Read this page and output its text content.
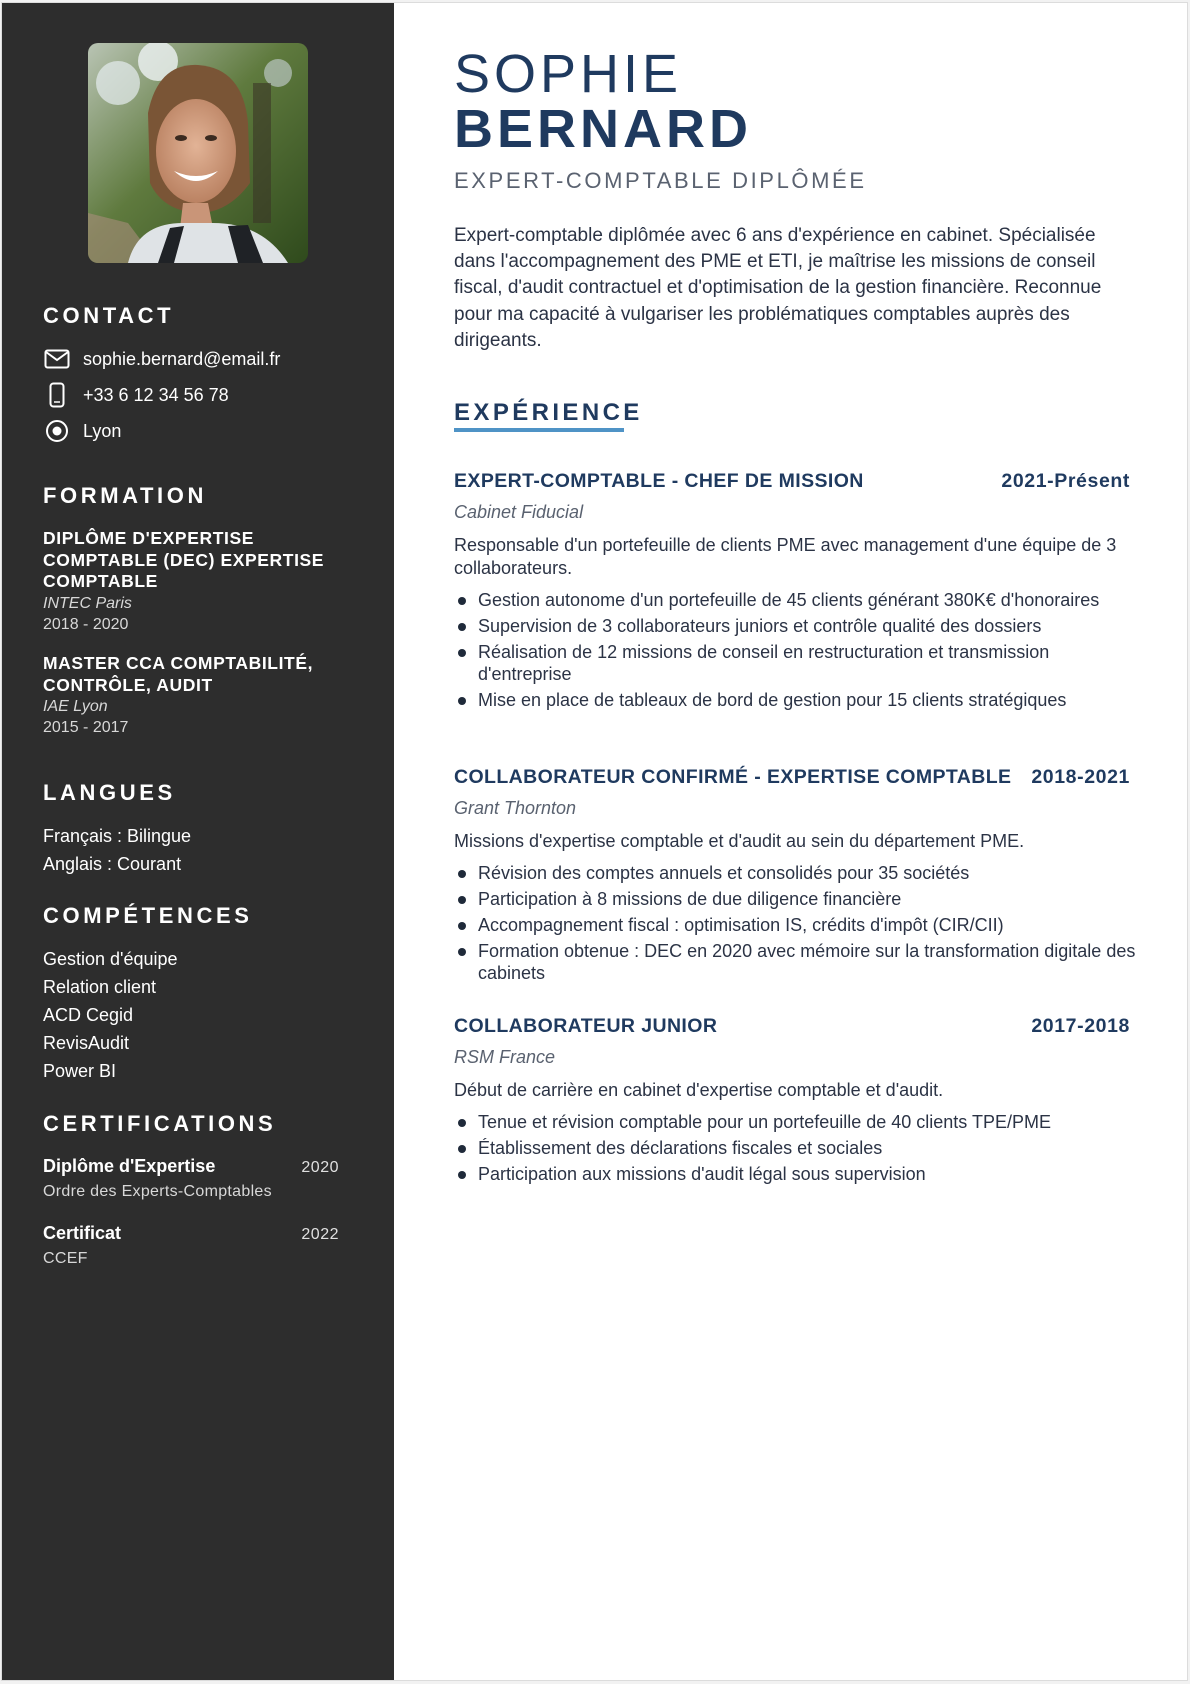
CONTACT
sophie.bernard@email.fr
+33 6 12 34 56 78
Lyon
FORMATION
DIPLÔME D'EXPERTISE COMPTABLE (DEC) EXPERTISE COMPTABLE
INTEC Paris
2018 - 2020
MASTER CCA COMPTABILITÉ, CONTRÔLE, AUDIT
IAE Lyon
2015 - 2017
LANGUES
Français : Bilingue
Anglais : Courant
COMPÉTENCES
Gestion d'équipe
Relation client
ACD Cegid
RevisAudit
Power BI
CERTIFICATIONS
Diplôme d'Expertise	2020
Ordre des Experts-Comptables
Certificat	2022
CCEF
SOPHIE
BERNARD
EXPERT-COMPTABLE DIPLÔMÉE

Expert-comptable diplômée avec 6 ans d'expérience en cabinet. Spécialisée dans l'accompagnement des PME et ETI, je maîtrise les missions de conseil fiscal, d'audit contractuel et d'optimisation de la gestion financière. Reconnue pour ma capacité à vulgariser les problématiques comptables auprès des dirigeants.

EXPÉRIENCE
EXPERT-COMPTABLE - CHEF DE MISSION	2021-Présent
Cabinet Fiducial
Responsable d'un portefeuille de clients PME avec management d'une équipe de 3 collaborateurs.
Gestion autonome d'un portefeuille de 45 clients générant 380K€ d'honoraires
Supervision de 3 collaborateurs juniors et contrôle qualité des dossiers
Réalisation de 12 missions de conseil en restructuration et transmission d'entreprise
Mise en place de tableaux de bord de gestion pour 15 clients stratégiques
COLLABORATEUR CONFIRMÉ - EXPERTISE COMPTABLE 2018-2021
Grant Thornton
Missions d'expertise comptable et d'audit au sein du département PME.
Révision des comptes annuels et consolidés pour 35 sociétés
Participation à 8 missions de due diligence financière
Accompagnement fiscal : optimisation IS, crédits d'impôt (CIR/CII)
Formation obtenue : DEC en 2020 avec mémoire sur la transformation digitale des cabinets
COLLABORATEUR JUNIOR	2017-2018
RSM France
Début de carrière en cabinet d'expertise comptable et d'audit.
Tenue et révision comptable pour un portefeuille de 40 clients TPE/PME
Établissement des déclarations fiscales et sociales
Participation aux missions d'audit légal sous supervision
